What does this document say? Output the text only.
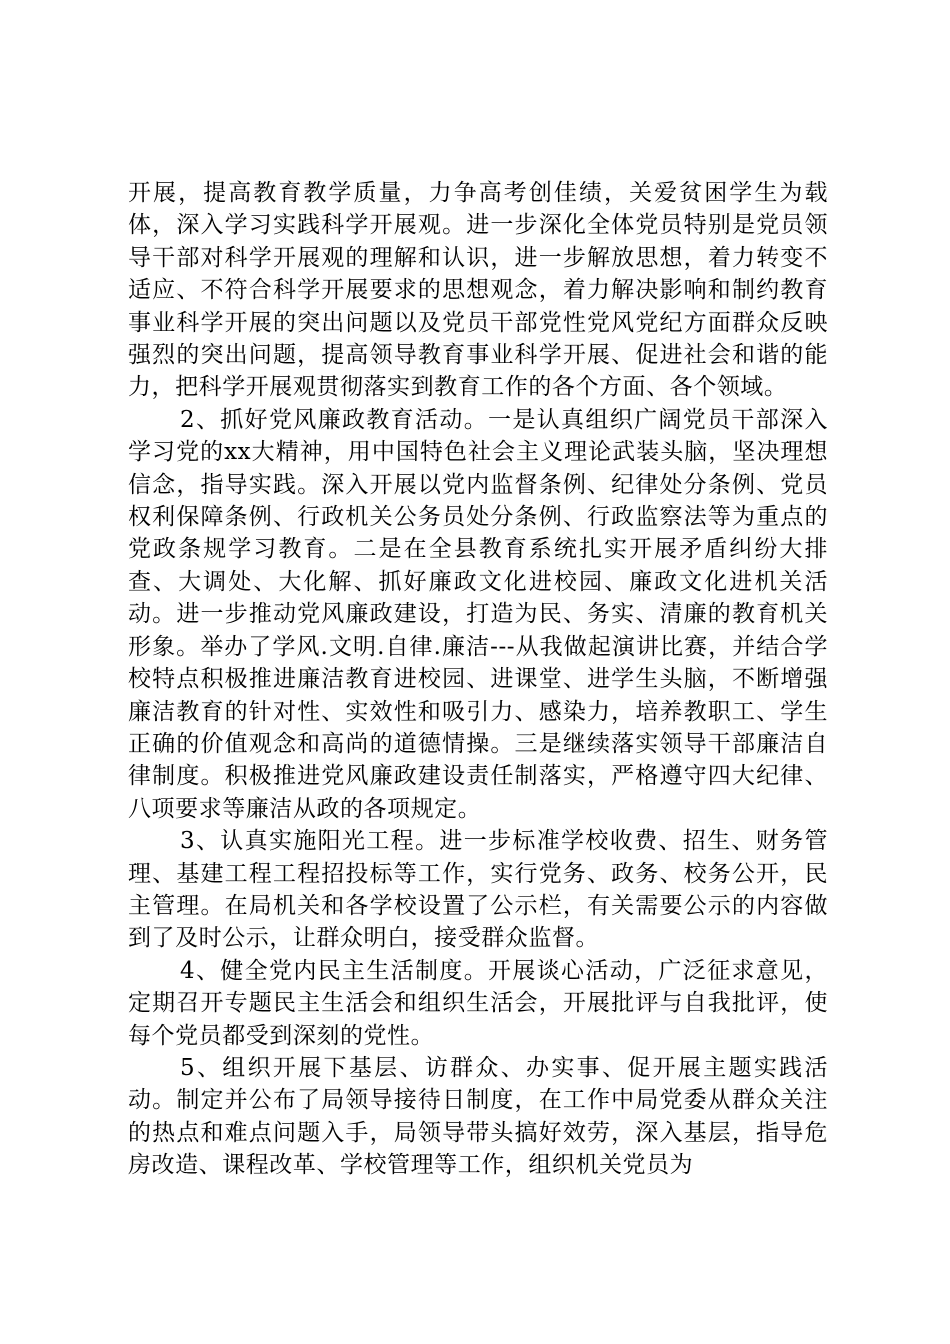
开展，提高教育教学质量，力争高考创佳绩，关爱贫困学生为载体，深入学习实践科学开展观。进一步深化全体党员特别是党员领导干部对科学开展观的理解和认识，进一步解放思想，着力转变不适应、不符合科学开展要求的思想观念，着力解决影响和制约教育事业科学开展的突出问题以及党员干部党性党风党纪方面群众反映强烈的突出问题，提高领导教育事业科学开展、促进社会和谐的能力，把科学开展观贯彻落实到教育工作的各个方面、各个领域。

2、抓好党风廉政教育活动。一是认真组织广阔党员干部深入学习党的xx大精神，用中国特色社会主义理论武装头脑，坚决理想信念，指导实践。深入开展以党内监督条例、纪律处分条例、党员权利保障条例、行政机关公务员处分条例、行政监察法等为重点的党政条规学习教育。二是在全县教育系统扎实开展矛盾纠纷大排查、大调处、大化解、抓好廉政文化进校园、廉政文化进机关活动。进一步推动党风廉政建设，打造为民、务实、清廉的教育机关形象。举办了学风.文明.自律.廉洁---从我做起演讲比赛，并结合学校特点积极推进廉洁教育进校园、进课堂、进学生头脑，不断增强廉洁教育的针对性、实效性和吸引力、感染力，培养教职工、学生正确的价值观念和高尚的道德情操。三是继续落实领导干部廉洁自律制度。积极推进党风廉政建设责任制落实，严格遵守四大纪律、八项要求等廉洁从政的各项规定。

3、认真实施阳光工程。进一步标准学校收费、招生、财务管理、基建工程工程招投标等工作，实行党务、政务、校务公开，民主管理。在局机关和各学校设置了公示栏，有关需要公示的内容做到了及时公示，让群众明白，接受群众监督。

4、健全党内民主生活制度。开展谈心活动，广泛征求意见，定期召开专题民主生活会和组织生活会，开展批评与自我批评，使每个党员都受到深刻的党性。

5、组织开展下基层、访群众、办实事、促开展主题实践活动。制定并公布了局领导接待日制度，在工作中局党委从群众关注的热点和难点问题入手，局领导带头搞好效劳，深入基层，指导危房改造、课程改革、学校管理等工作，组织机关党员为
